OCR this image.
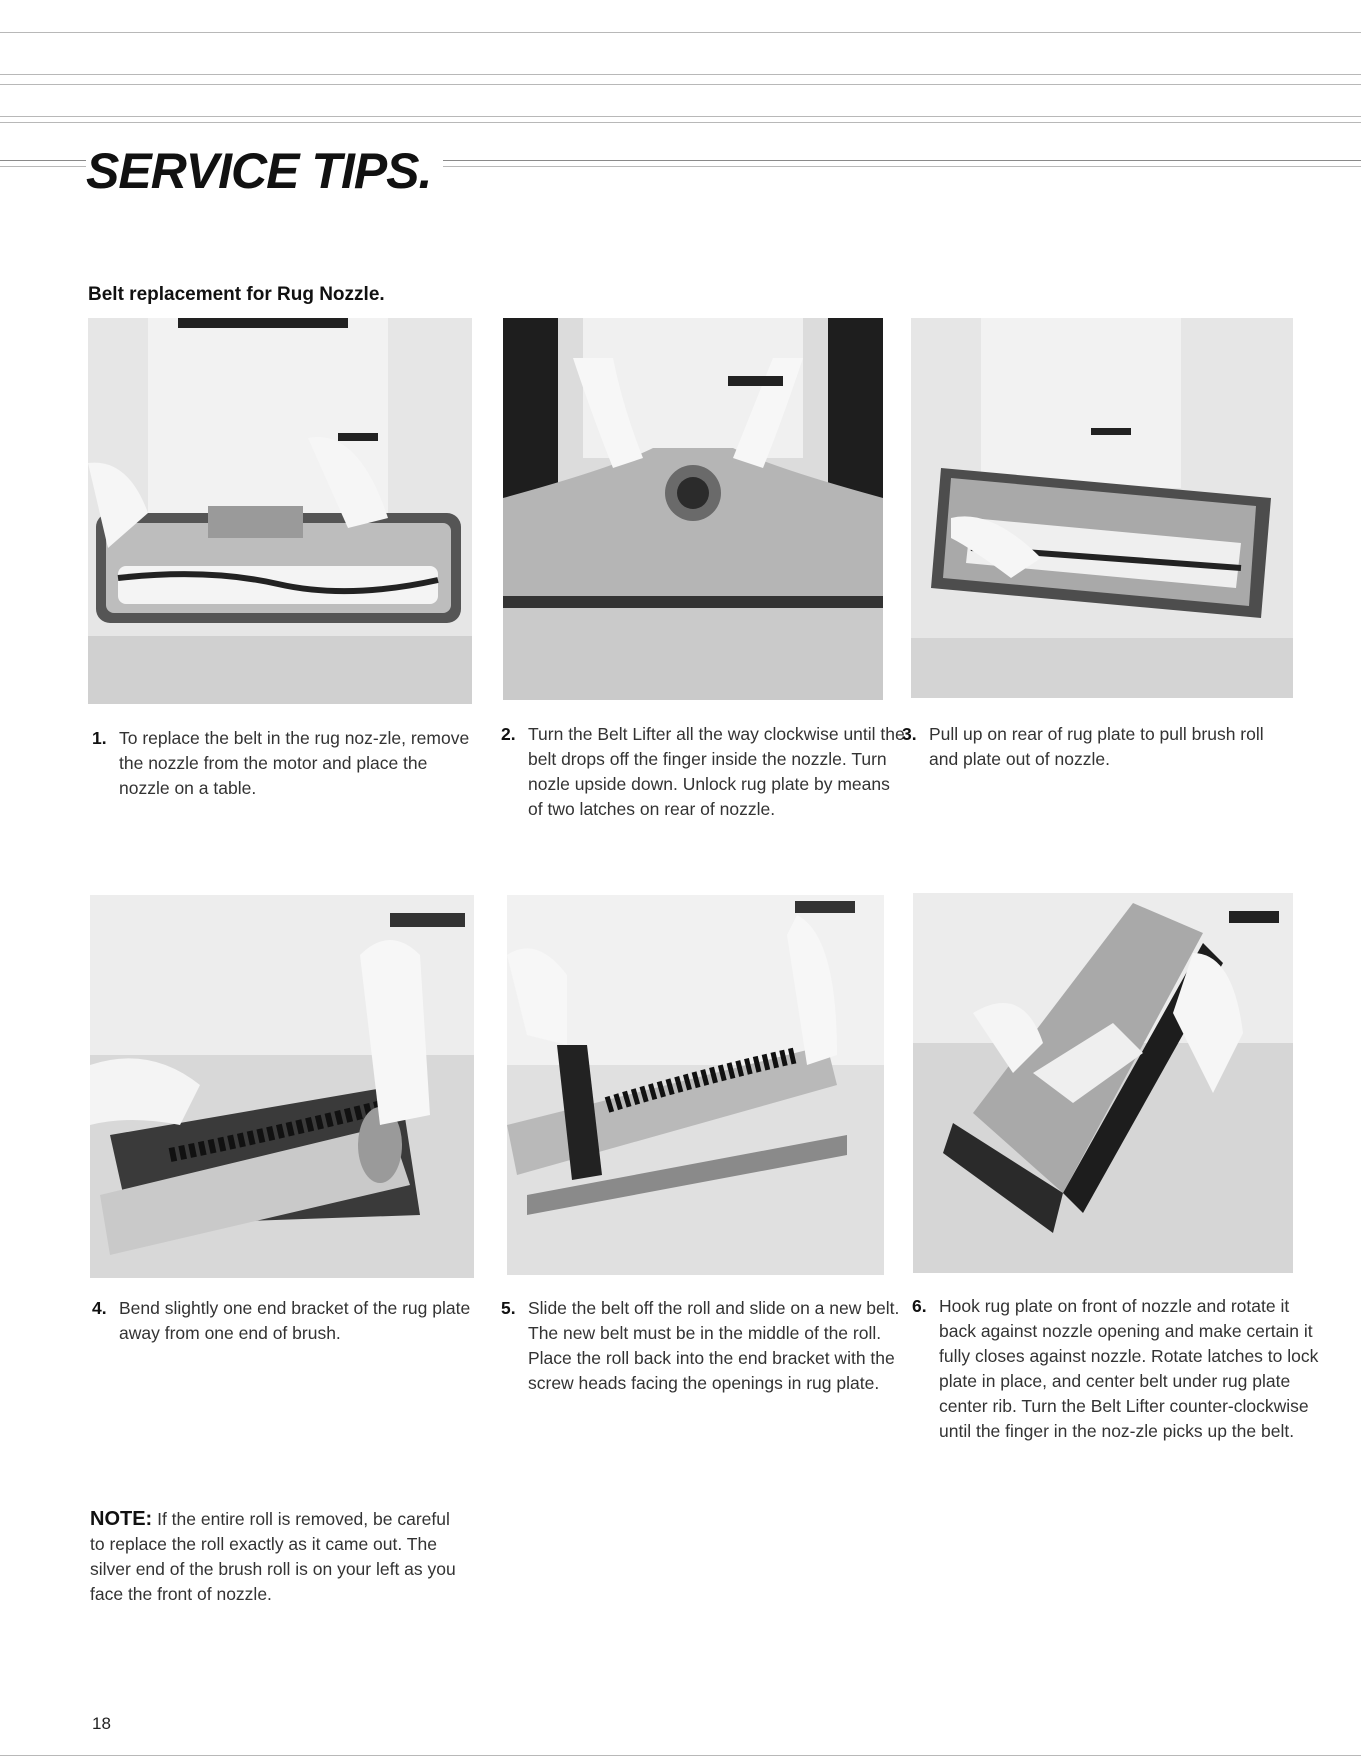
SERVICE TIPS.
Belt replacement for Rug Nozzle.
1. To replace the belt in the rug noz-zle, remove the nozzle from the motor and place the nozzle on a table.
2. Turn the Belt Lifter all the way clockwise until the belt drops off the finger inside the nozzle. Turn nozle upside down. Unlock rug plate by means of two latches on rear of nozzle.
3. Pull up on rear of rug plate to pull brush roll and plate out of nozzle.
4. Bend slightly one end bracket of the rug plate away from one end of brush.
5. Slide the belt off the roll and slide on a new belt. The new belt must be in the middle of the roll. Place the roll back into the end bracket with the screw heads facing the openings in rug plate.
6. Hook rug plate on front of nozzle and rotate it back against nozzle opening and make certain it fully closes against nozzle. Rotate latches to lock plate in place, and center belt under rug plate center rib. Turn the Belt Lifter counter-clockwise until the finger in the noz-zle picks up the belt.
NOTE: If the entire roll is removed, be careful to replace the roll exactly as it came out. The silver end of the brush roll is on your left as you face the front of nozzle.
18
